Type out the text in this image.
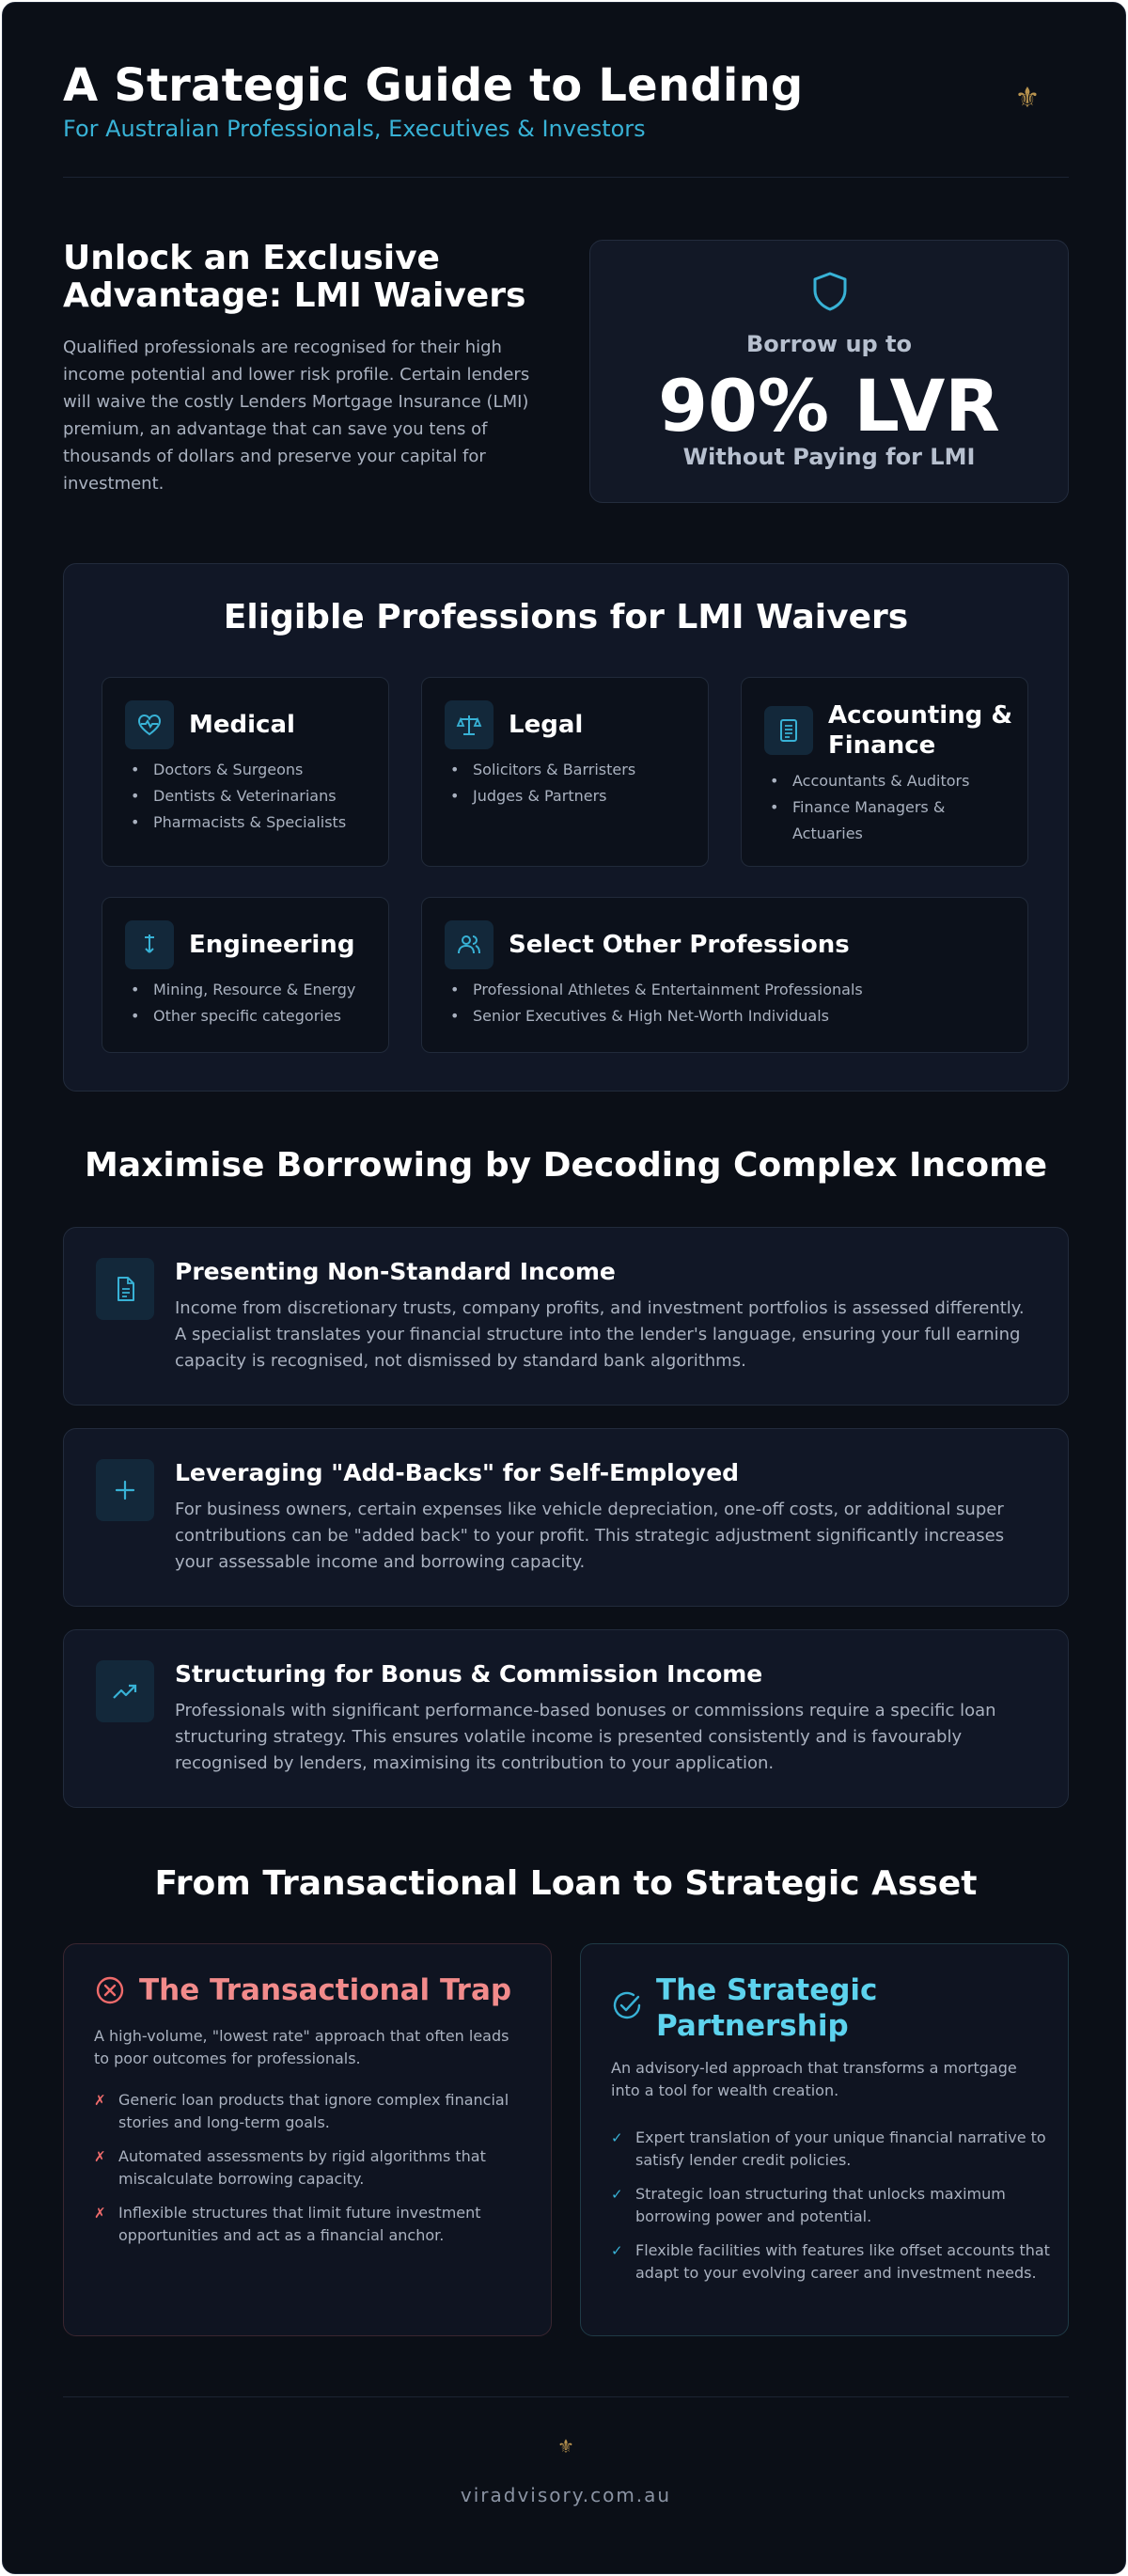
A Strategic Guide to Lending
For Australian Professionals, Executives & Investors
⚜

Unlock an Exclusive Advantage: LMI Waivers

Qualified professionals are recognised for their high income potential and lower risk profile. Certain lenders will waive the costly Lenders Mortgage Insurance (LMI) premium, an advantage that can save you tens of thousands of dollars and preserve your capital for investment.

Borrow up to
90% LVR
Without Paying for LMI
Eligible Professions for LMI Waivers
Medical
• Doctors & Surgeons
• Dentists & Veterinarians
• Pharmacists & Specialists
Legal
• Solicitors & Barristers
• Judges & Partners
Accounting & Finance
• Accountants & Auditors
• Finance Managers & Actuaries
Engineering
• Mining, Resource & Energy
• Other specific categories
Select Other Professions
• Professional Athletes & Entertainment Professionals
• Senior Executives & High Net-Worth Individuals
Maximise Borrowing by Decoding Complex Income
Presenting Non-Standard Income

Income from discretionary trusts, company profits, and investment portfolios is assessed differently. A specialist translates your financial structure into the lender's language, ensuring your full earning capacity is recognised, not dismissed by standard bank algorithms.

Leveraging "Add-Backs" for Self-Employed

For business owners, certain expenses like vehicle depreciation, one-off costs, or additional super contributions can be "added back" to your profit. This strategic adjustment significantly increases your assessable income and borrowing capacity.

Structuring for Bonus & Commission Income

Professionals with significant performance-based bonuses or commissions require a specific loan structuring strategy. This ensures volatile income is presented consistently and is favourably recognised by lenders, maximising its contribution to your application.

From Transactional Loan to Strategic Asset
The Transactional Trap
A high-volume, "lowest rate" approach that often leads to poor outcomes for professionals.
✗ Generic loan products that ignore complex financial stories and long-term goals.
✗ Automated assessments by rigid algorithms that miscalculate borrowing capacity.
✗ Inflexible structures that limit future investment opportunities and act as a financial anchor.
The Strategic Partnership
An advisory-led approach that transforms a mortgage into a tool for wealth creation.
✓ Expert translation of your unique financial narrative to satisfy lender credit policies.
✓ Strategic loan structuring that unlocks maximum borrowing power and potential.
✓ Flexible facilities with features like offset accounts that adapt to your evolving career and investment needs.
⚜
viradvisory.com.au
